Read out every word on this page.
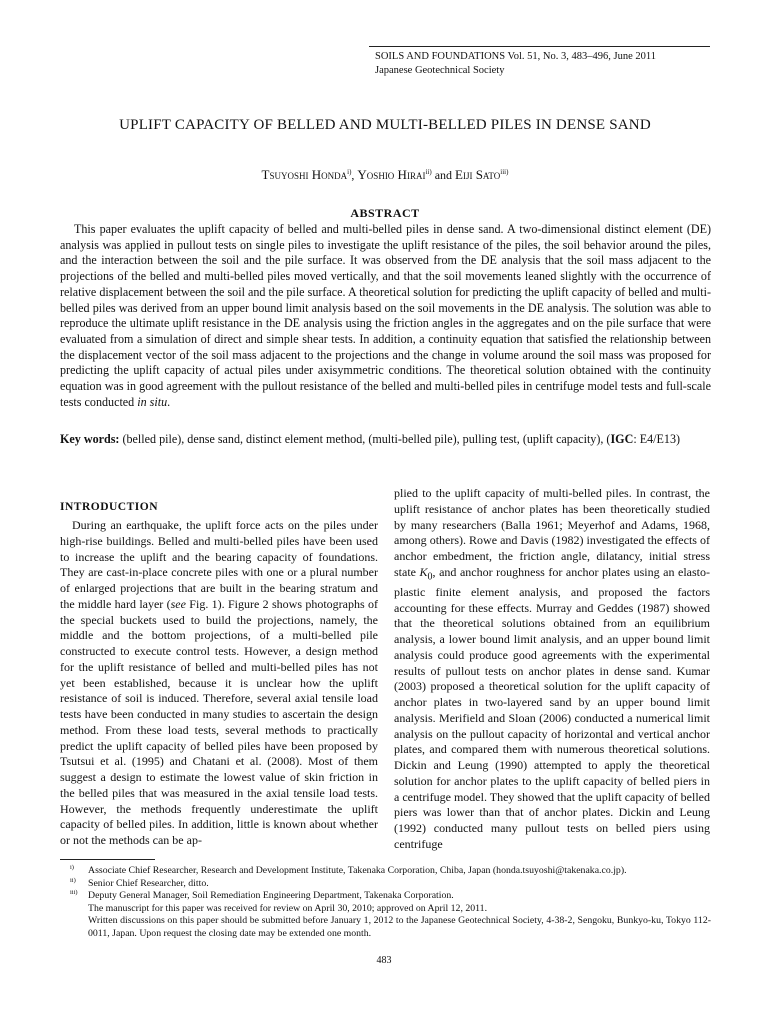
SOILS AND FOUNDATIONS Vol. 51, No. 3, 483–496, June 2011
Japanese Geotechnical Society
UPLIFT CAPACITY OF BELLED AND MULTI-BELLED PILES IN DENSE SAND
Tsuyoshi Honda$^{i)}$, Yoshio Hirai$^{ii)}$ and Eiji Sato$^{iii)}$
ABSTRACT

This paper evaluates the uplift capacity of belled and multi-belled piles in dense sand. A two-dimensional distinct element (DE) analysis was applied in pullout tests on single piles to investigate the uplift resistance of the piles, the soil behavior around the piles, and the interaction between the soil and the pile surface. It was observed from the DE analysis that the soil mass adjacent to the projections of the belled and multi-belled piles moved vertically, and that the soil movements leaned slightly with the occurrence of relative displacement between the soil and the pile surface. A theoretical solution for predicting the uplift capacity of belled and multi-belled piles was derived from an upper bound limit analysis based on the soil movements in the DE analysis. The solution was able to reproduce the ultimate uplift resistance in the DE analysis using the friction angles in the aggregates and on the pile surface that were evaluated from a simulation of direct and simple shear tests. In addition, a continuity equation that satisfied the relationship between the displacement vector of the soil mass adjacent to the projections and the change in volume around the soil mass was proposed for predicting the uplift capacity of actual piles under axisymmetric conditions. The theoretical solution obtained with the continuity equation was in good agreement with the pullout resistance of the belled and multi-belled piles in centrifuge model tests and full-scale tests conducted in situ.

Key words: (belled pile), dense sand, distinct element method, (multi-belled pile), pulling test, (uplift capacity), (IGC: E4/E13)

INTRODUCTION

During an earthquake, the uplift force acts on the piles under high-rise buildings. Belled and multi-belled piles have been used to increase the uplift and the bearing capacity of foundations. They are cast-in-place concrete piles with one or a plural number of enlarged projections that are built in the bearing stratum and the middle hard layer (see Fig. 1). Figure 2 shows photographs of the special buckets used to build the projections, namely, the middle and the bottom projections, of a multi-belled pile constructed to execute control tests. However, a design method for the uplift resistance of belled and multi-belled piles has not yet been established, because it is unclear how the uplift resistance of soil is induced. Therefore, several axial tensile load tests have been conducted in many studies to ascertain the design method. From these load tests, several methods to practically predict the uplift capacity of belled piles have been proposed by Tsutsui et al. (1995) and Chatani et al. (2008). Most of them suggest a design to estimate the lowest value of skin friction in the belled piles that was measured in the axial tensile load tests. However, the methods frequently underestimate the uplift capacity of belled piles. In addition, little is known about whether or not the methods can be ap-

plied to the uplift capacity of multi-belled piles. In contrast, the uplift resistance of anchor plates has been theoretically studied by many researchers (Balla 1961; Meyerhof and Adams, 1968, among others). Rowe and Davis (1982) investigated the effects of anchor embedment, the friction angle, dilatancy, initial stress state $K_0$, and anchor roughness for anchor plates using an elasto-plastic finite element analysis, and proposed the factors accounting for these effects. Murray and Geddes (1987) showed that the theoretical solutions obtained from an equilibrium analysis, a lower bound limit analysis, and an upper bound limit analysis could produce good agreements with the experimental results of pullout tests on anchor plates in dense sand. Kumar (2003) proposed a theoretical solution for the uplift capacity of anchor plates in two-layered sand by an upper bound limit analysis. Merifield and Sloan (2006) conducted a numerical limit analysis on the pullout capacity of horizontal and vertical anchor plates, and compared them with numerous theoretical solutions. Dickin and Leung (1990) attempted to apply the theoretical solution for anchor plates to the uplift capacity of belled piers in a centrifuge model. They showed that the uplift capacity of belled piers was lower than that of anchor plates. Dickin and Leung (1992) conducted many pullout tests on belled piers using centrifuge

i) Associate Chief Researcher, Research and Development Institute, Takenaka Corporation, Chiba, Japan (honda.tsuyoshi@takenaka.co.jp).
ii) Senior Chief Researcher, ditto.
iii) Deputy General Manager, Soil Remediation Engineering Department, Takenaka Corporation.
The manuscript for this paper was received for review on April 30, 2010; approved on April 12, 2011.
Written discussions on this paper should be submitted before January 1, 2012 to the Japanese Geotechnical Society, 4-38-2, Sengoku, Bunkyo-ku, Tokyo 112-0011, Japan. Upon request the closing date may be extended one month.
483
